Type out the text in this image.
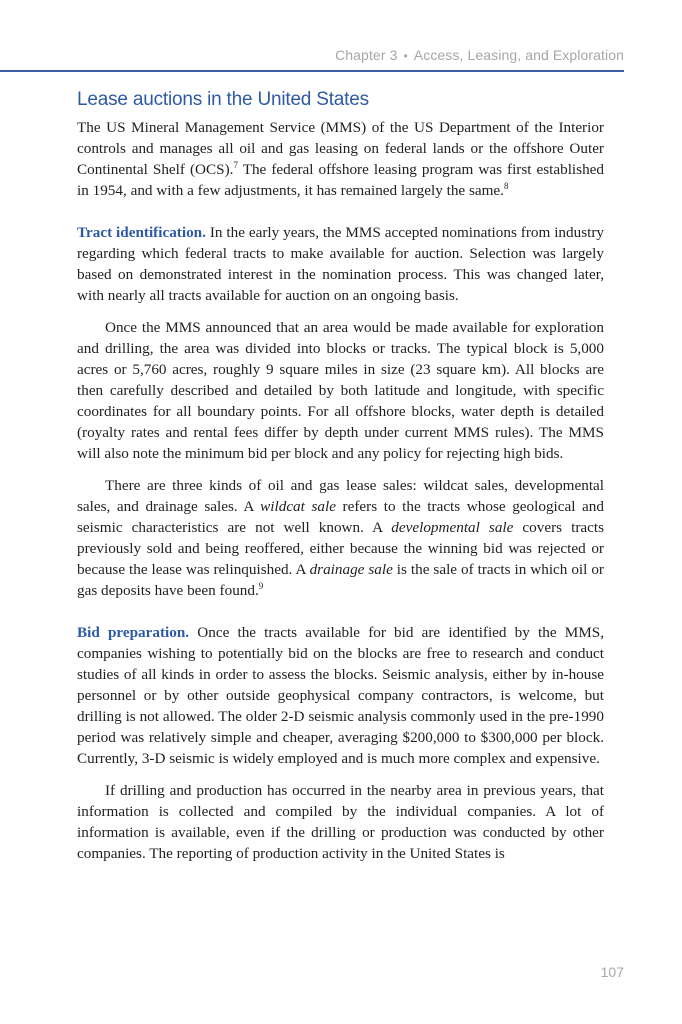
Chapter 3 • Access, Leasing, and Exploration
Lease auctions in the United States

The US Mineral Management Service (MMS) of the US Department of the Interior controls and manages all oil and gas leasing on federal lands or the offshore Outer Continental Shelf (OCS).$^7$ The federal offshore leasing program was first established in 1954, and with a few adjustments, it has remained largely the same.$^8$

Tract identification. In the early years, the MMS accepted nominations from industry regarding which federal tracts to make available for auction. Selection was largely based on demonstrated interest in the nomination process. This was changed later, with nearly all tracts available for auction on an ongoing basis.

Once the MMS announced that an area would be made available for exploration and drilling, the area was divided into blocks or tracks. The typical block is 5,000 acres or 5,760 acres, roughly 9 square miles in size (23 square km). All blocks are then carefully described and detailed by both latitude and longitude, with specific coordinates for all boundary points. For all offshore blocks, water depth is detailed (royalty rates and rental fees differ by depth under current MMS rules). The MMS will also note the minimum bid per block and any policy for rejecting high bids.

There are three kinds of oil and gas lease sales: wildcat sales, developmental sales, and drainage sales. A wildcat sale refers to the tracts whose geological and seismic characteristics are not well known. A developmental sale covers tracts previously sold and being reoffered, either because the winning bid was rejected or because the lease was relinquished. A drainage sale is the sale of tracts in which oil or gas deposits have been found.$^9$

Bid preparation. Once the tracts available for bid are identified by the MMS, companies wishing to potentially bid on the blocks are free to research and conduct studies of all kinds in order to assess the blocks. Seismic analysis, either by in-house personnel or by other outside geophysical company contractors, is welcome, but drilling is not allowed. The older 2-D seismic analysis commonly used in the pre-1990 period was relatively simple and cheaper, averaging $200,000 to $300,000 per block. Currently, 3-D seismic is widely employed and is much more complex and expensive.

If drilling and production has occurred in the nearby area in previous years, that information is collected and compiled by the individual companies. A lot of information is available, even if the drilling or production was conducted by other companies. The reporting of production activity in the United States is

107
